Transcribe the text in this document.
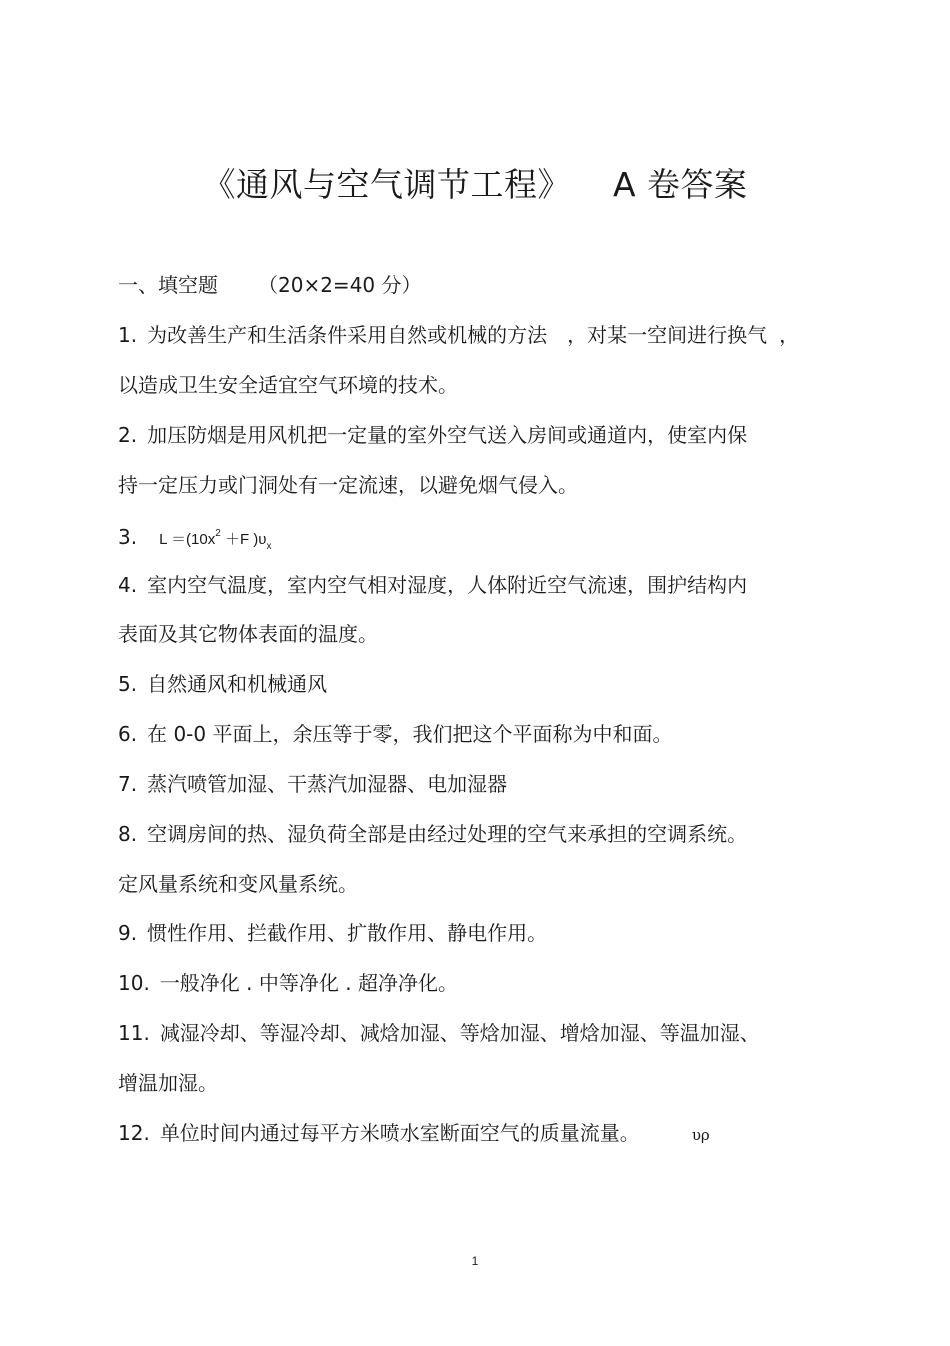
《通风与空气调节工程》 A 卷答案
一、填空题 （20×2=40 分）
1. 为改善生产和生活条件采用自然或机械的方法 ，对某一空间进行换气 ，
以造成卫生安全适宜空气环境的技术。
2. 加压防烟是用风机把一定量的室外空气送入房间或通道内，使室内保
持一定压力或门洞处有一定流速，以避免烟气侵入。
3. $L =(10x^2 +F$ )$\upsilon_x$
4. 室内空气温度，室内空气相对湿度，人体附近空气流速，围护结构内
表面及其它物体表面的温度。
5. 自然通风和机械通风
6. 在 0-0 平面上，余压等于零，我们把这个平面称为中和面。
7. 蒸汽喷管加湿、干蒸汽加湿器、电加湿器
8. 空调房间的热、湿负荷全部是由经过处理的空气来承担的空调系统。
定风量系统和变风量系统。
9. 惯性作用、拦截作用、扩散作用、静电作用。
10. 一般净化 . 中等净化 . 超净净化。
11. 减湿冷却、等湿冷却、减焓加湿、等焓加湿、增焓加湿、等温加湿、
增温加湿。
12. 单位时间内通过每平方米喷水室断面空气的质量流量。	υρ
1
